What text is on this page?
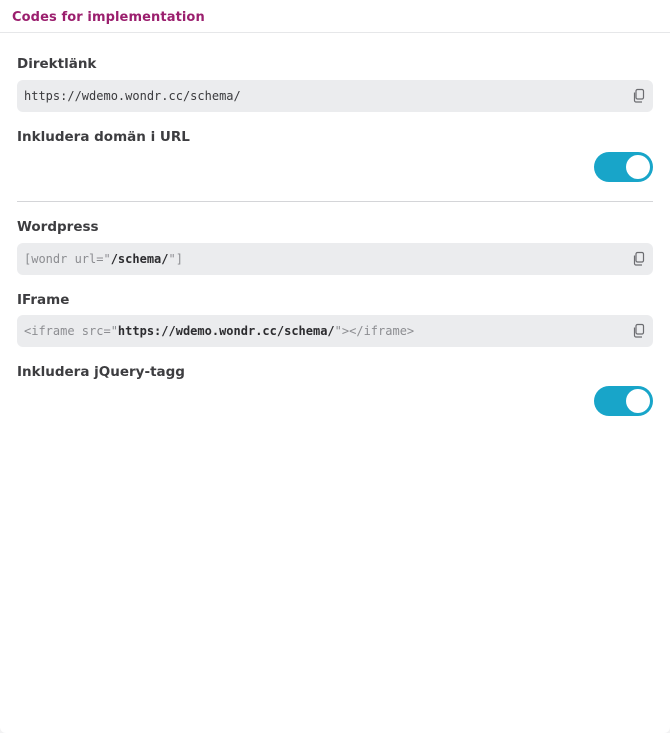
Codes for implementation
Direktlänk
https://wdemo.wondr.cc/schema/
Inkludera domän i URL
Wordpress
[wondr url="/schema/"]
IFrame
<iframe src="https://wdemo.wondr.cc/schema/"></iframe>
Inkludera jQuery-tagg
